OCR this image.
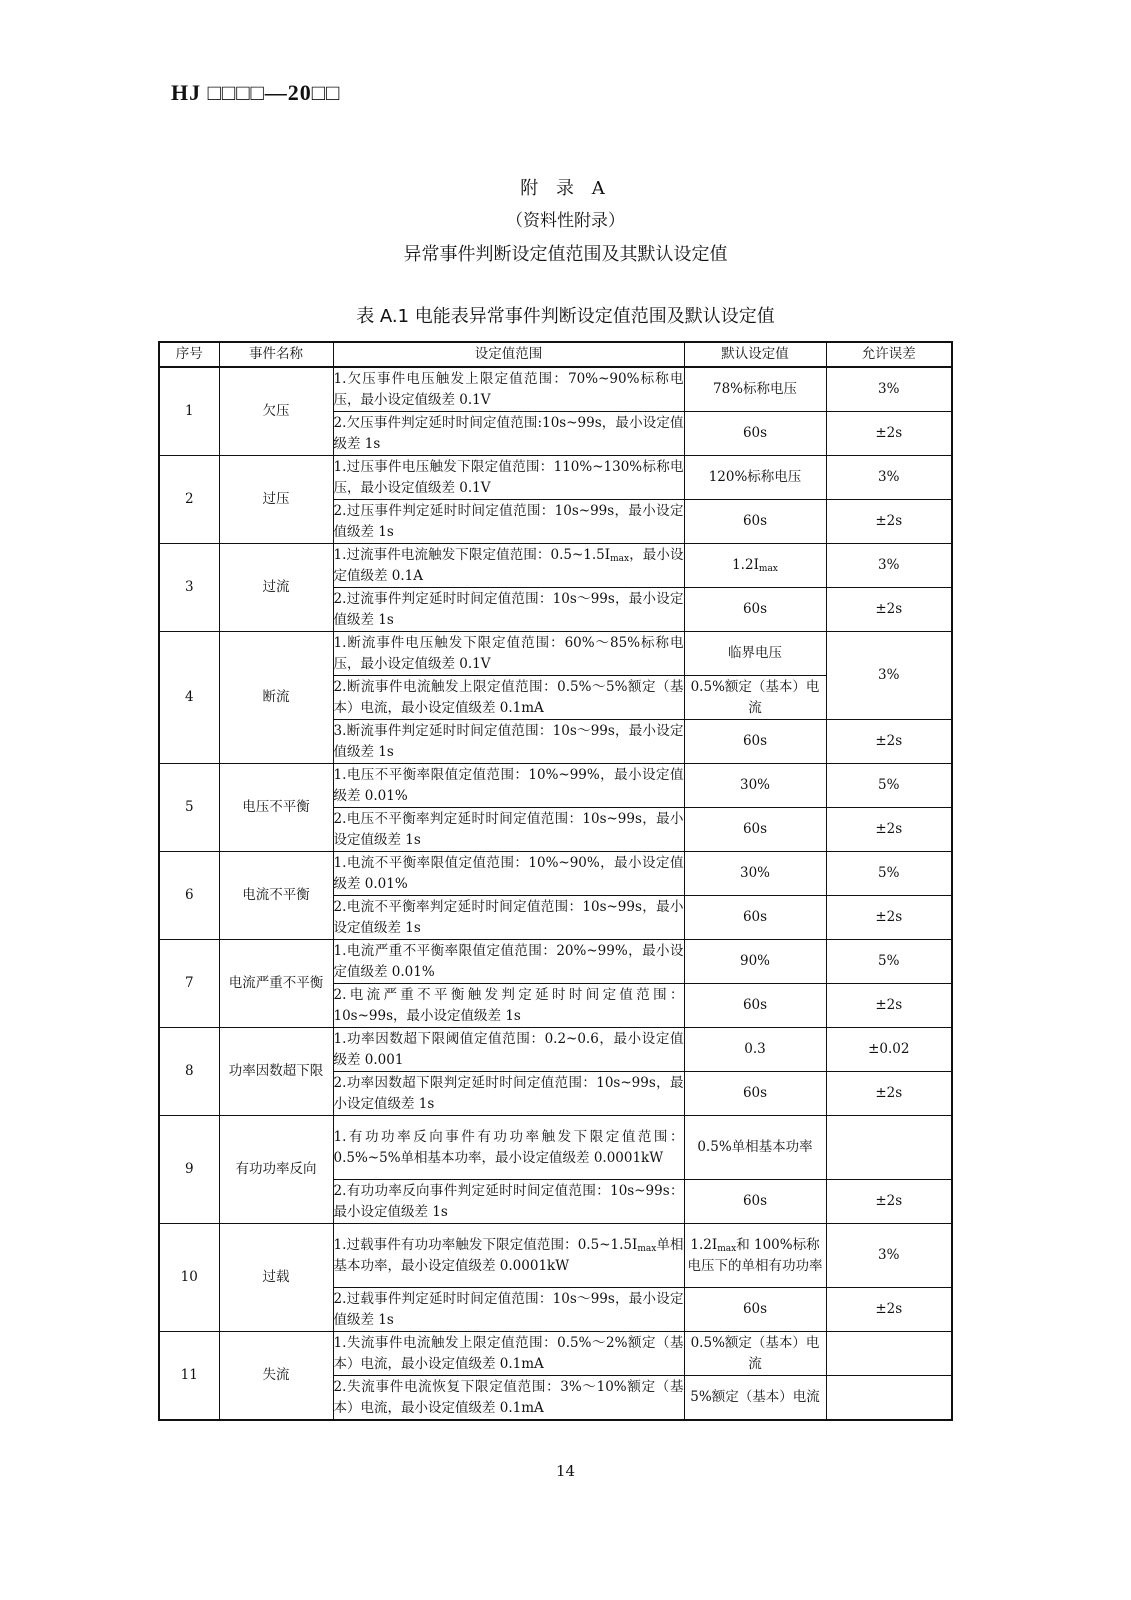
HJ □□□□—20□□
附 录 A
（资料性附录）
异常事件判断设定值范围及其默认设定值
表 A.1 电能表异常事件判断设定值范围及默认设定值
序号	事件名称	设定值范围	默认设定值	允许误差
1	欠压	1.欠压事件电压触发上限定值范围：70%~90%标称电压，最小设定值级差 0.1V	78%标称电压	3%
		2.欠压事件判定延时时间定值范围:10s~99s，最小设定值级差 1s	60s	±2s
2	过压	1.过压事件电压触发下限定值范围：110%~130%标称电压，最小设定值级差 0.1V	120%标称电压	3%
		2.过压事件判定延时时间定值范围：10s~99s，最小设定值级差 1s	60s	±2s
3	过流	1.过流事件电流触发下限定值范围：$0.5\sim 1.5I_{max}$，最小设定值级差 0.1A	$1.2I_{max}$	3%
		2.过流事件判定延时时间定值范围：10s～99s，最小设定值级差 1s	60s	±2s
4	断流	1.断流事件电压触发下限定值范围：60%～85%标称电压，最小设定值级差 0.1V	临界电压	3%
		2.断流事件电流触发上限定值范围：0.5%～5%额定（基本）电流，最小设定值级差 0.1mA	0.5%额定（基本）电流	
		3.断流事件判定延时时间定值范围：10s～99s，最小设定值级差 1s	60s	±2s
5	电压不平衡	1.电压不平衡率限值定值范围：10%~99%，最小设定值级差 0.01%	30%	5%
		2.电压不平衡率判定延时时间定值范围：10s~99s，最小设定值级差 1s	60s	±2s
6	电流不平衡	1.电流不平衡率限值定值范围：10%~90%，最小设定值级差 0.01%	30%	5%
		2.电流不平衡率判定延时时间定值范围：10s~99s，最小设定值级差 1s	60s	±2s
7	电流严重不平衡	1.电流严重不平衡率限值定值范围：20%~99%，最小设定值级差 0.01%	90%	5%
		2.电流严重不平衡触发判定延时时间定值范围：10s~99s，最小设定值级差 1s	60s	±2s
8	功率因数超下限	1.功率因数超下限阈值定值范围：0.2~0.6，最小设定值级差 0.001	0.3	±0.02
		2.功率因数超下限判定延时时间定值范围：10s~99s，最小设定值级差 1s	60s	±2s
9	有功功率反向	1.有功功率反向事件有功功率触发下限定值范围：0.5%~5%单相基本功率，最小设定值级差 0.0001kW	0.5%单相基本功率	
		2.有功功率反向事件判定延时时间定值范围：10s~99s：最小设定值级差 1s	60s	±2s
10	过载	1.过载事件有功功率触发下限定值范围：$0.5\sim 1.5I_{max}$单相基本功率，最小设定值级差 0.0001kW	$1.2I_{max}$和 100%标称电压下的单相有功功率	3%
		2.过载事件判定延时时间定值范围：10s～99s，最小设定值级差 1s	60s	±2s
11	失流	1.失流事件电流触发上限定值范围：0.5%～2%额定（基本）电流，最小设定值级差 0.1mA	0.5%额定（基本）电流	
		2.失流事件电流恢复下限定值范围：3%～10%额定（基本）电流，最小设定值级差 0.1mA	5%额定（基本）电流	
14
